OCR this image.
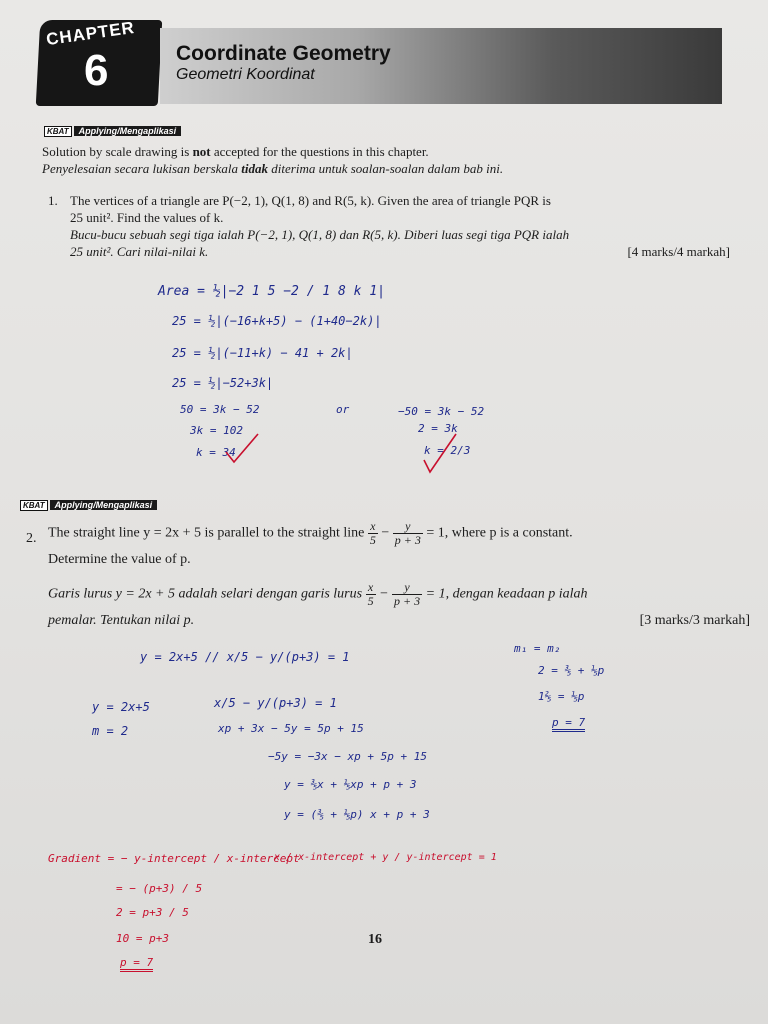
CHAPTER
6	Coordinate Geometry
Geometri Koordinat
KBAT	Applying/Mengaplikasi
Solution by scale drawing is not accepted for the questions in this chapter.
Penyelesaian secara lukisan berskala tidak diterima untuk soalan-soalan dalam bab ini.
1. The vertices of a triangle are P(−2, 1), Q(1, 8) and R(5, k). Given the area of triangle PQR is
25 unit². Find the values of k.
Bucu-bucu sebuah segi tiga ialah P(−2, 1), Q(1, 8) dan R(5, k). Diberi luas segi tiga PQR ialah
25 unit². Cari nilai-nilai k.	[4 marks/4 markah]
Area = ½|−2 1 5 −2 / 1 8 k 1|
25 = ½|(−16+k+5) − (1+40−2k)|
25 = ½|(−11+k) − 41 + 2k|
25 = ½|−52+3k|
50 = 3k − 52
3k = 102
k = 34
or	−50 = 3k − 52
2 = 3k
k = 2/3
KBAT	Applying/Mengaplikasi
2. The straight line y = 2x + 5 is parallel to the straight line $\frac{x}{5} - \frac{y}{p + 3} = 1$, where p is a constant.
Determine the value of p.
Garis lurus y = 2x + 5 adalah selari dengan garis lurus $\frac{x}{5} - \frac{y}{p + 3} = 1$, dengan keadaan p ialah
pemalar. Tentukan nilai p.	[3 marks/3 markah]
y = 2x+5 // x/5 − y/(p+3) = 1
y = 2x+5
m = 2
x/5 − y/(p+3) = 1
xp + 3x − 5y = 5p + 15
−5y = −3x − xp + 5p + 15
y = ⅗x + ⅕xp + p + 3
y = (⅗ + ⅕p) x + p + 3
m₁ = m₂
2 = ⅗ + ⅕p
1⅖ = ⅕p
p = 7
Gradient = − y-intercept / x-intercept
= − (p+3) / 5
2 = p+3 / 5
10 = p+3
p = 7
x / x-intercept + y / y-intercept = 1
16
